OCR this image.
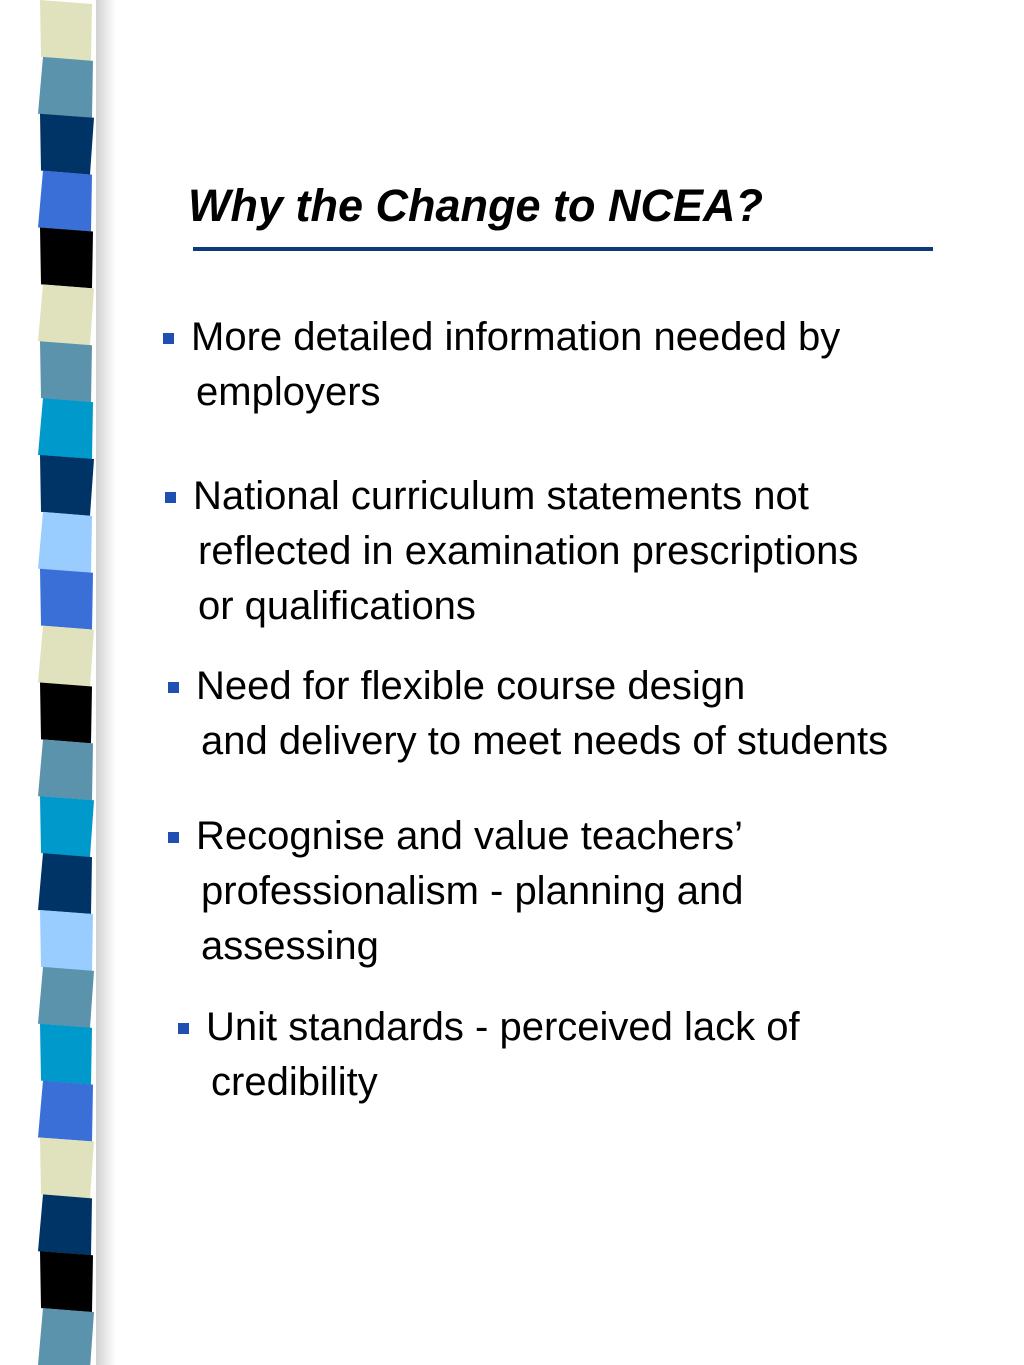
Why the Change to NCEA?
More detailed information needed by
employers
National curriculum statements not
reflected in examination prescriptions
or qualifications
Need for flexible course design
and delivery to meet needs of students
Recognise and value teachers’
professionalism - planning and
assessing
Unit standards - perceived lack of
credibility
